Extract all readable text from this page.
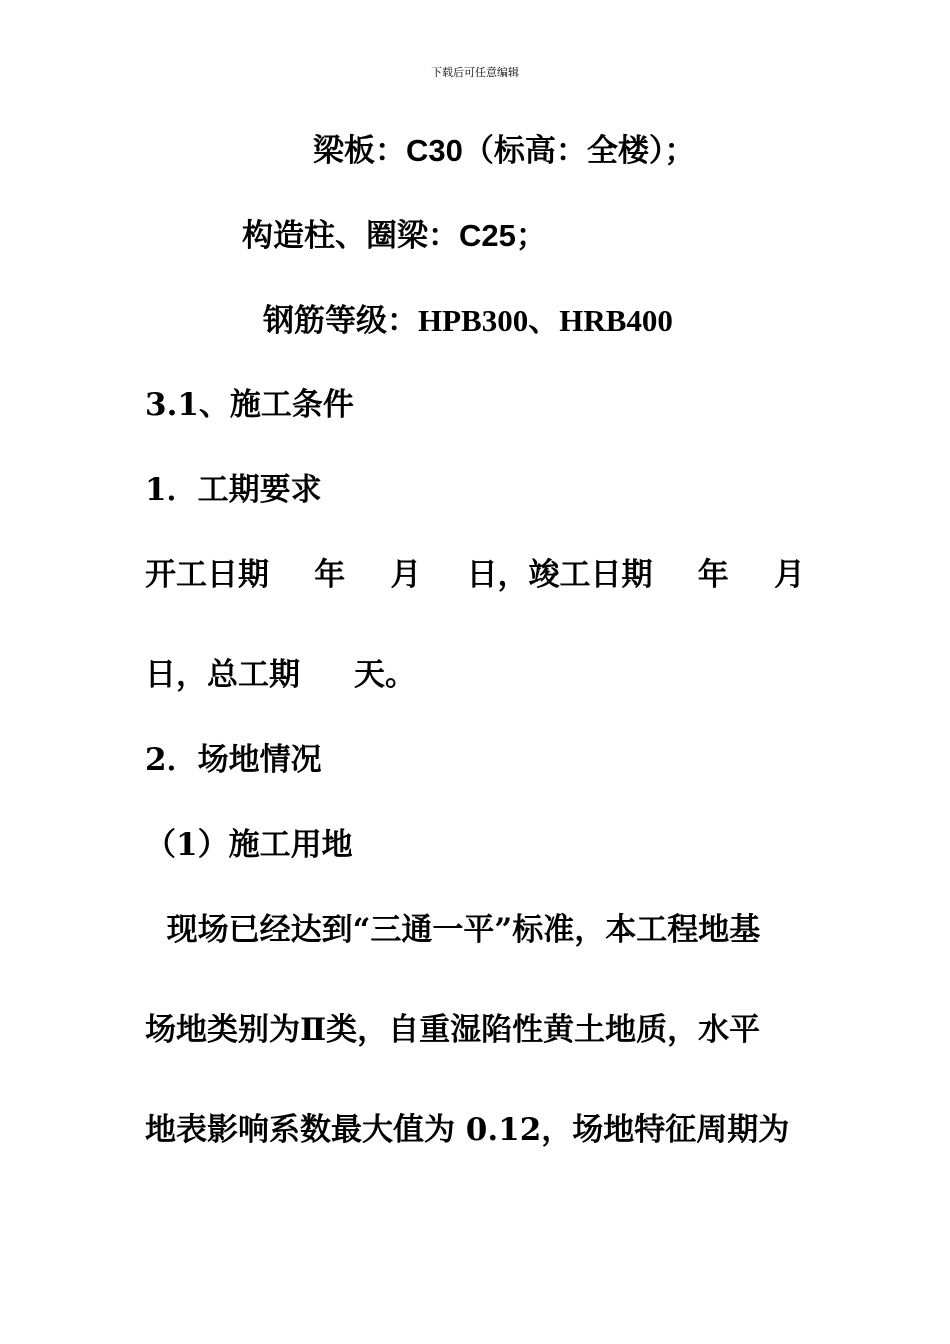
下载后可任意编辑
梁板：C30（标高：全楼）；
构造柱、圈梁：C25；
钢筋等级：HPB300、HRB400
3.1、施工条件
1．工期要求
开工日期 年 月 日，竣工日期 年 月
日，总工期     天。
2．场地情况
（1）施工用地
现场已经达到“三通一平”标准，本工程地基
场地类别为Ⅱ类，自重湿陷性黄土地质，水平
地表影响系数最大值为 0.12，场地特征周期为
